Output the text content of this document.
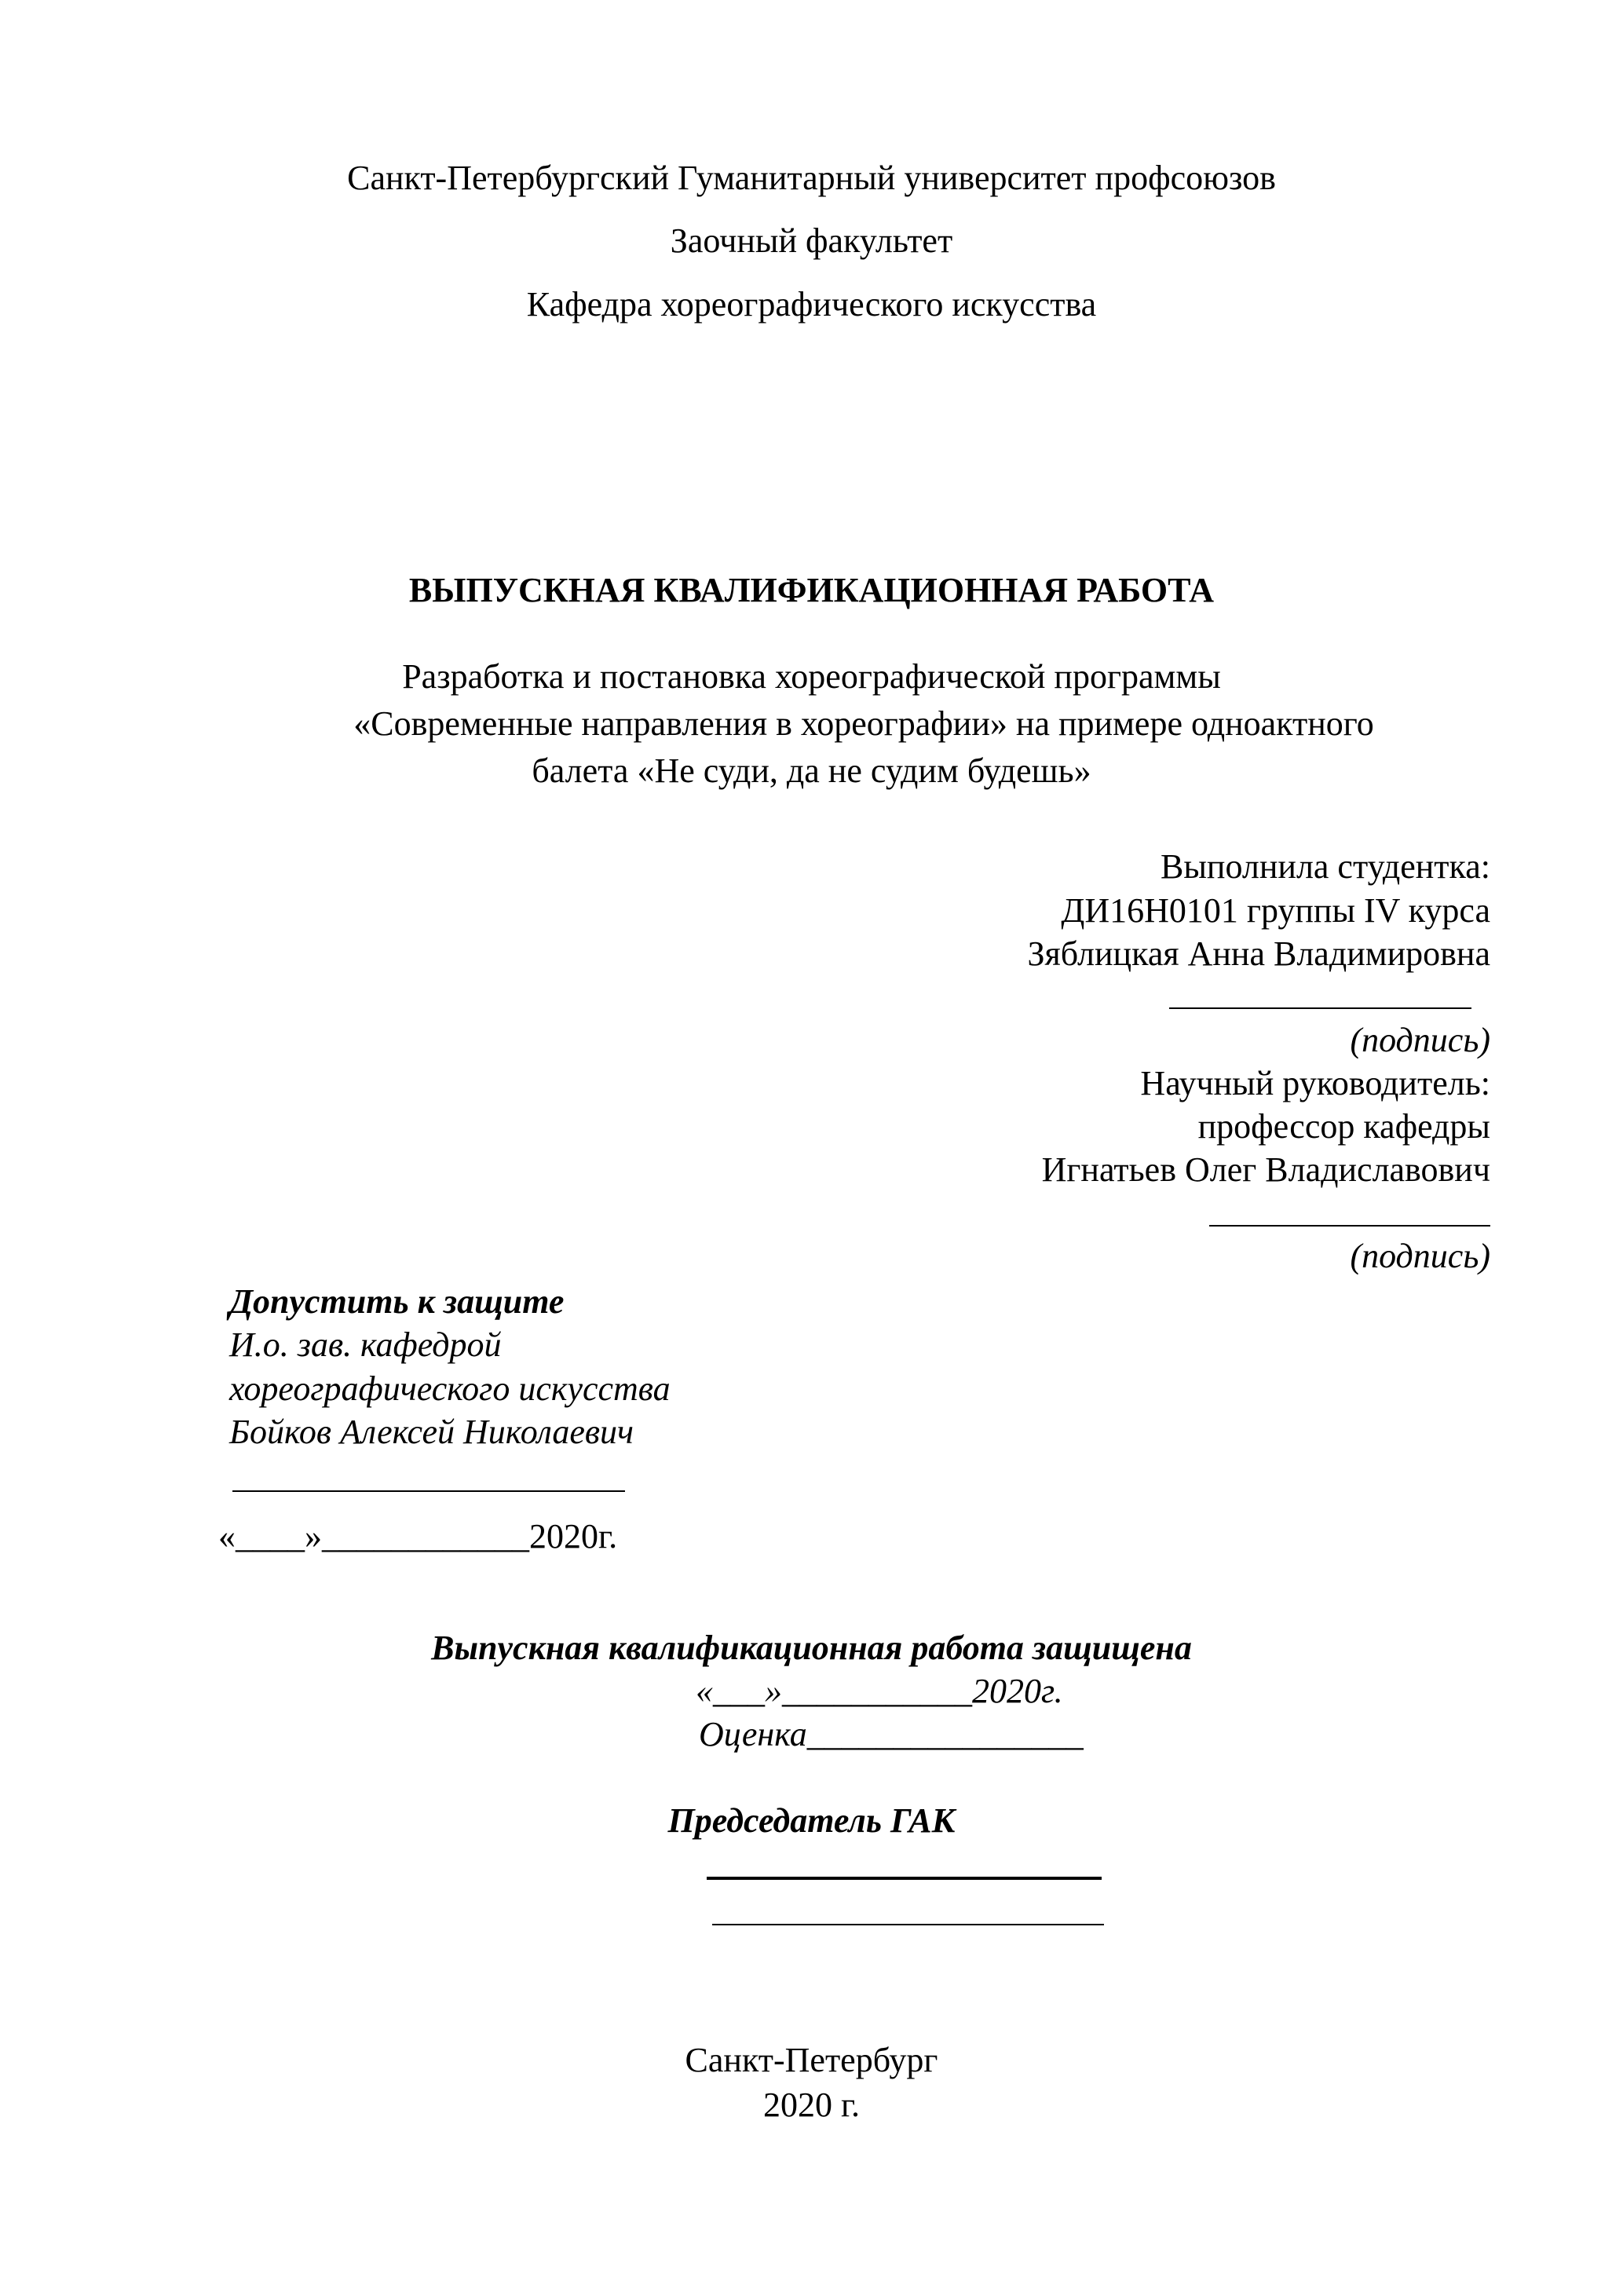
Санкт-Петербургский Гуманитарный университет профсоюзов
Заочный факультет
Кафедра хореографического искусства
ВЫПУСКНАЯ КВАЛИФИКАЦИОННАЯ РАБОТА
Разработка и постановка хореографической программы
«Современные направления в хореографии» на примере одноактного
балета «Не суди, да не судим будешь»
Выполнила студентка:
ДИ16Н0101 группы IV курса
Зяблицкая Анна Владимировна
(подпись)
Научный руководитель:
профессор кафедры
Игнатьев Олег Владиславович
(подпись)
Допустить к защите
И.о. зав. кафедрой
хореографического искусства
Бойков Алексей Николаевич
«____»____________2020г.
Выпускная квалификационная работа защищена
«___»___________2020г.
Оценка________________
Председатель ГАК
Санкт-Петербург
2020 г.
